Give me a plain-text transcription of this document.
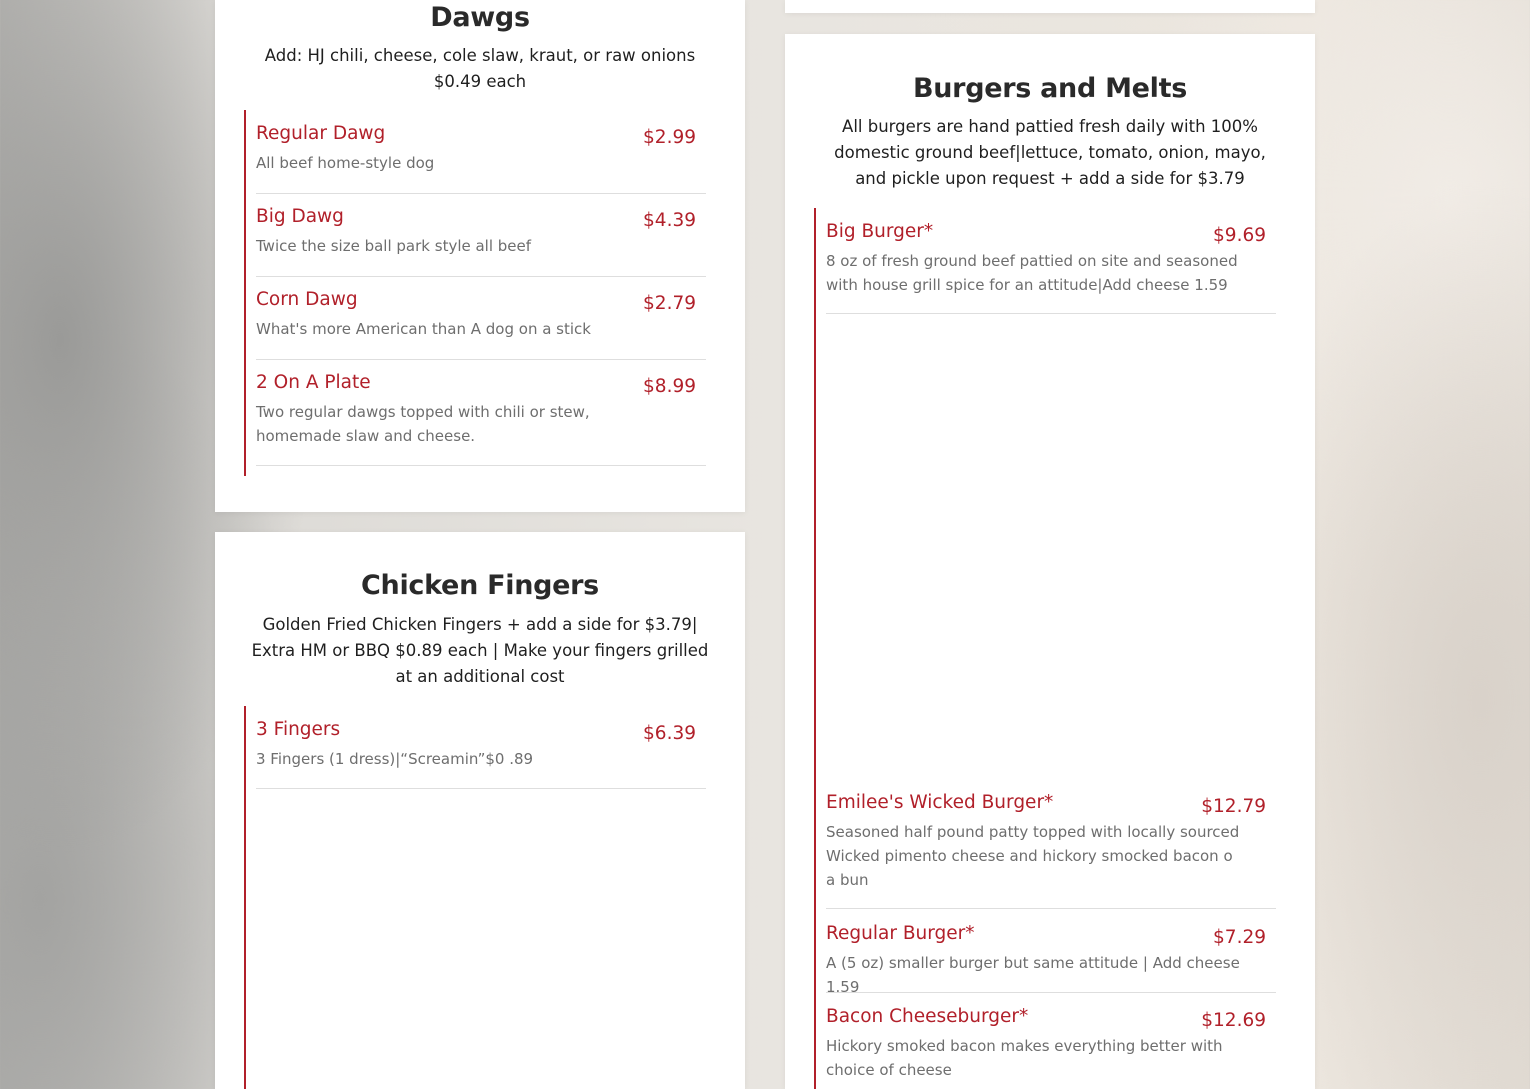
Dawgs

Add: HJ chili, cheese, cole slaw, kraut, or raw onions $0.49 each

Regular Dawg	$2.99
All beef home-style dog
Big Dawg	$4.39
Twice the size ball park style all beef
Corn Dawg	$2.79
What's more American than A dog on a stick
2 On A Plate	$8.99
Two regular dawgs topped with chili or stew, homemade slaw and cheese.
Chicken Fingers

Golden Fried Chicken Fingers + add a side for $3.79| Extra HM or BBQ $0.89 each | Make your fingers grilled at an additional cost

3 Fingers	$6.39
3 Fingers (1 dress)|“Screamin”$0 .89
Burgers and Melts

All burgers are hand pattied fresh daily with 100% domestic ground beef|lettuce, tomato, onion, mayo, and pickle upon request + add a side for $3.79

Big Burger*	$9.69
8 oz of fresh ground beef pattied on site and seasoned with house grill spice for an attitude|Add cheese 1.59
Emilee's Wicked Burger*	$12.79
Seasoned half pound patty topped with locally sourced Wicked pimento cheese and hickory smocked bacon o a bun
Regular Burger*	$7.29
A (5 oz) smaller burger but same attitude | Add cheese 1.59
Bacon Cheeseburger*	$12.69
Hickory smoked bacon makes everything better with choice of cheese
